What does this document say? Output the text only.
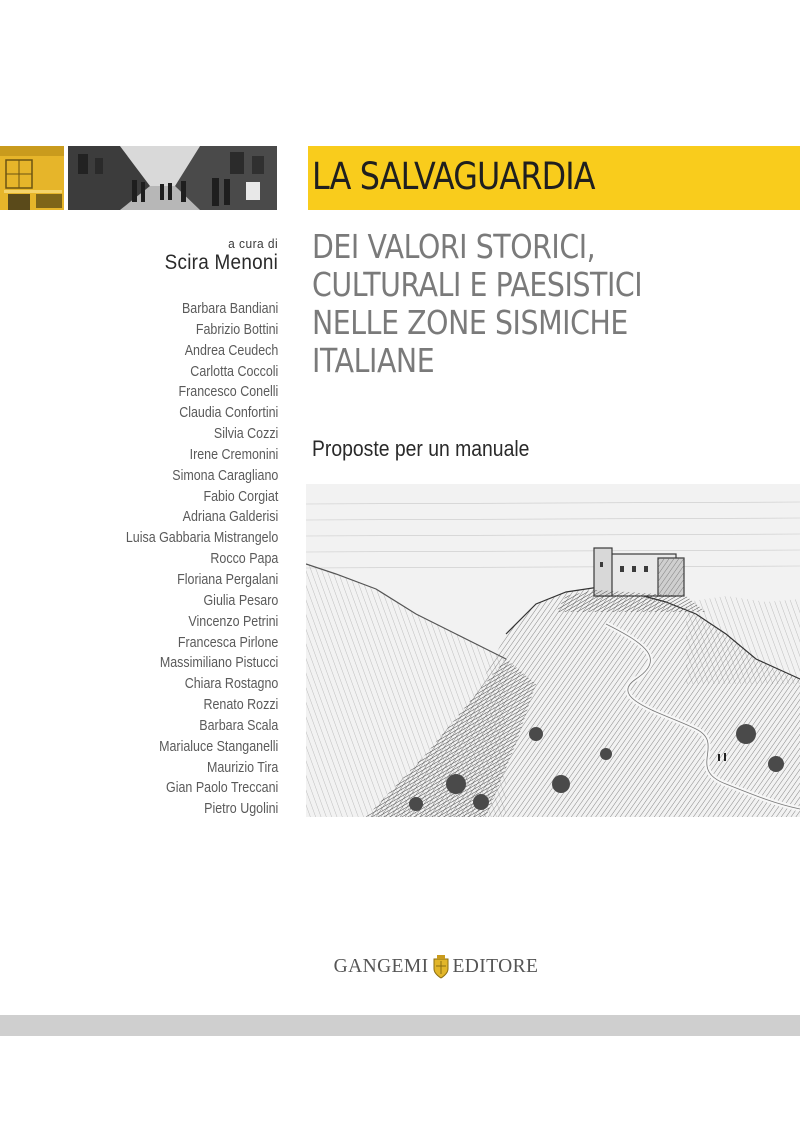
LA SALVAGUARDIA
DEI VALORI STORICI,
CULTURALI E PAESISTICI
NELLE ZONE SISMICHE
ITALIANE
Proposte per un manuale
a cura di
Scira Menoni
Barbara Bandiani
Fabrizio Bottini
Andrea Ceudech
Carlotta Coccoli
Francesco Conelli
Claudia Confortini
Silvia Cozzi
Irene Cremonini
Simona Caragliano
Fabio Corgiat
Adriana Galderisi
Luisa Gabbaria Mistrangelo
Rocco Papa
Floriana Pergalani
Giulia Pesaro
Vincenzo Petrini
Francesca Pirlone
Massimiliano Pistucci
Chiara Rostagno
Renato Rozzi
Barbara Scala
Marialuce Stanganelli
Maurizio Tira
Gian Paolo Treccani
Pietro Ugolini
GANGEMI EDITORE
